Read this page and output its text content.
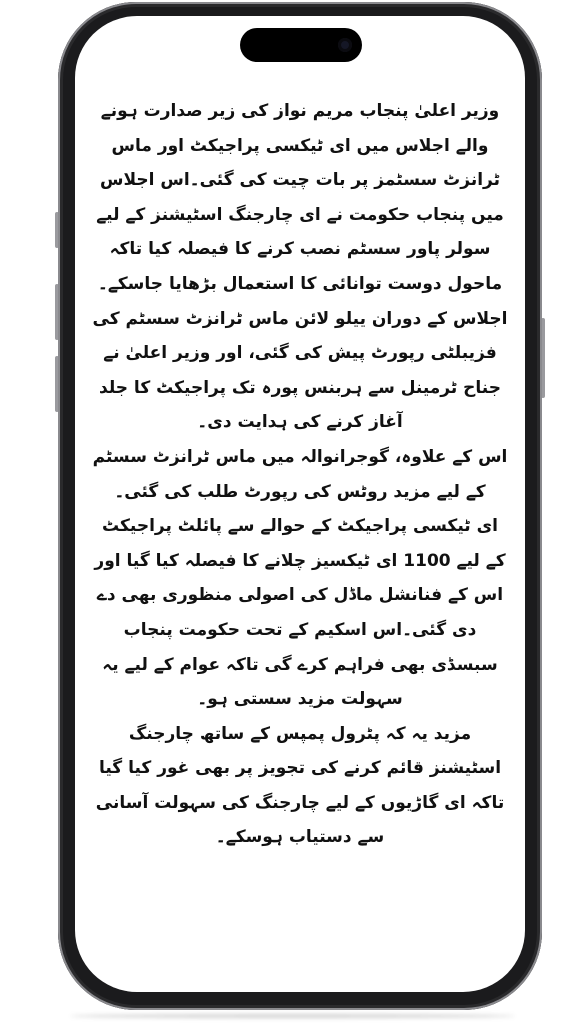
وزیر اعلیٰ پنجاب مریم نواز کی زیر صدارت ہونے والے اجلاس میں ای ٹیکسی پراجیکٹ اور ماس ٹرانزٹ سسٹمز پر بات چیت کی گئی۔اس اجلاس میں پنجاب حکومت نے ای چارجنگ اسٹیشنز کے لیے سولر پاور سسٹم نصب کرنے کا فیصلہ کیا تاکہ ماحول دوست توانائی کا استعمال بڑھایا جاسکے۔

اجلاس کے دوران ییلو لائن ماس ٹرانزٹ سسٹم کی فزیبلٹی رپورٹ پیش کی گئی، اور وزیر اعلیٰ نے جناح ٹرمینل سے ہربنس پورہ تک پراجیکٹ کا جلد آغاز کرنے کی ہدایت دی۔

اس کے علاوہ، گوجرانوالہ میں ماس ٹرانزٹ سسٹم کے لیے مزید روٹس کی رپورٹ طلب کی گئی۔

ای ٹیکسی پراجیکٹ کے حوالے سے پائلٹ پراجیکٹ کے لیے 1100 ای ٹیکسیز چلانے کا فیصلہ کیا گیا اور اس کے فنانشل ماڈل کی اصولی منظوری بھی دے دی گئی۔اس اسکیم کے تحت حکومت پنجاب سبسڈی بھی فراہم کرے گی تاکہ عوام کے لیے یہ سہولت مزید سستی ہو۔

مزید یہ کہ پٹرول پمپس کے ساتھ چارجنگ اسٹیشنز قائم کرنے کی تجویز پر بھی غور کیا گیا تاکہ ای گاڑیوں کے لیے چارجنگ کی سہولت آسانی سے دستیاب ہوسکے۔
